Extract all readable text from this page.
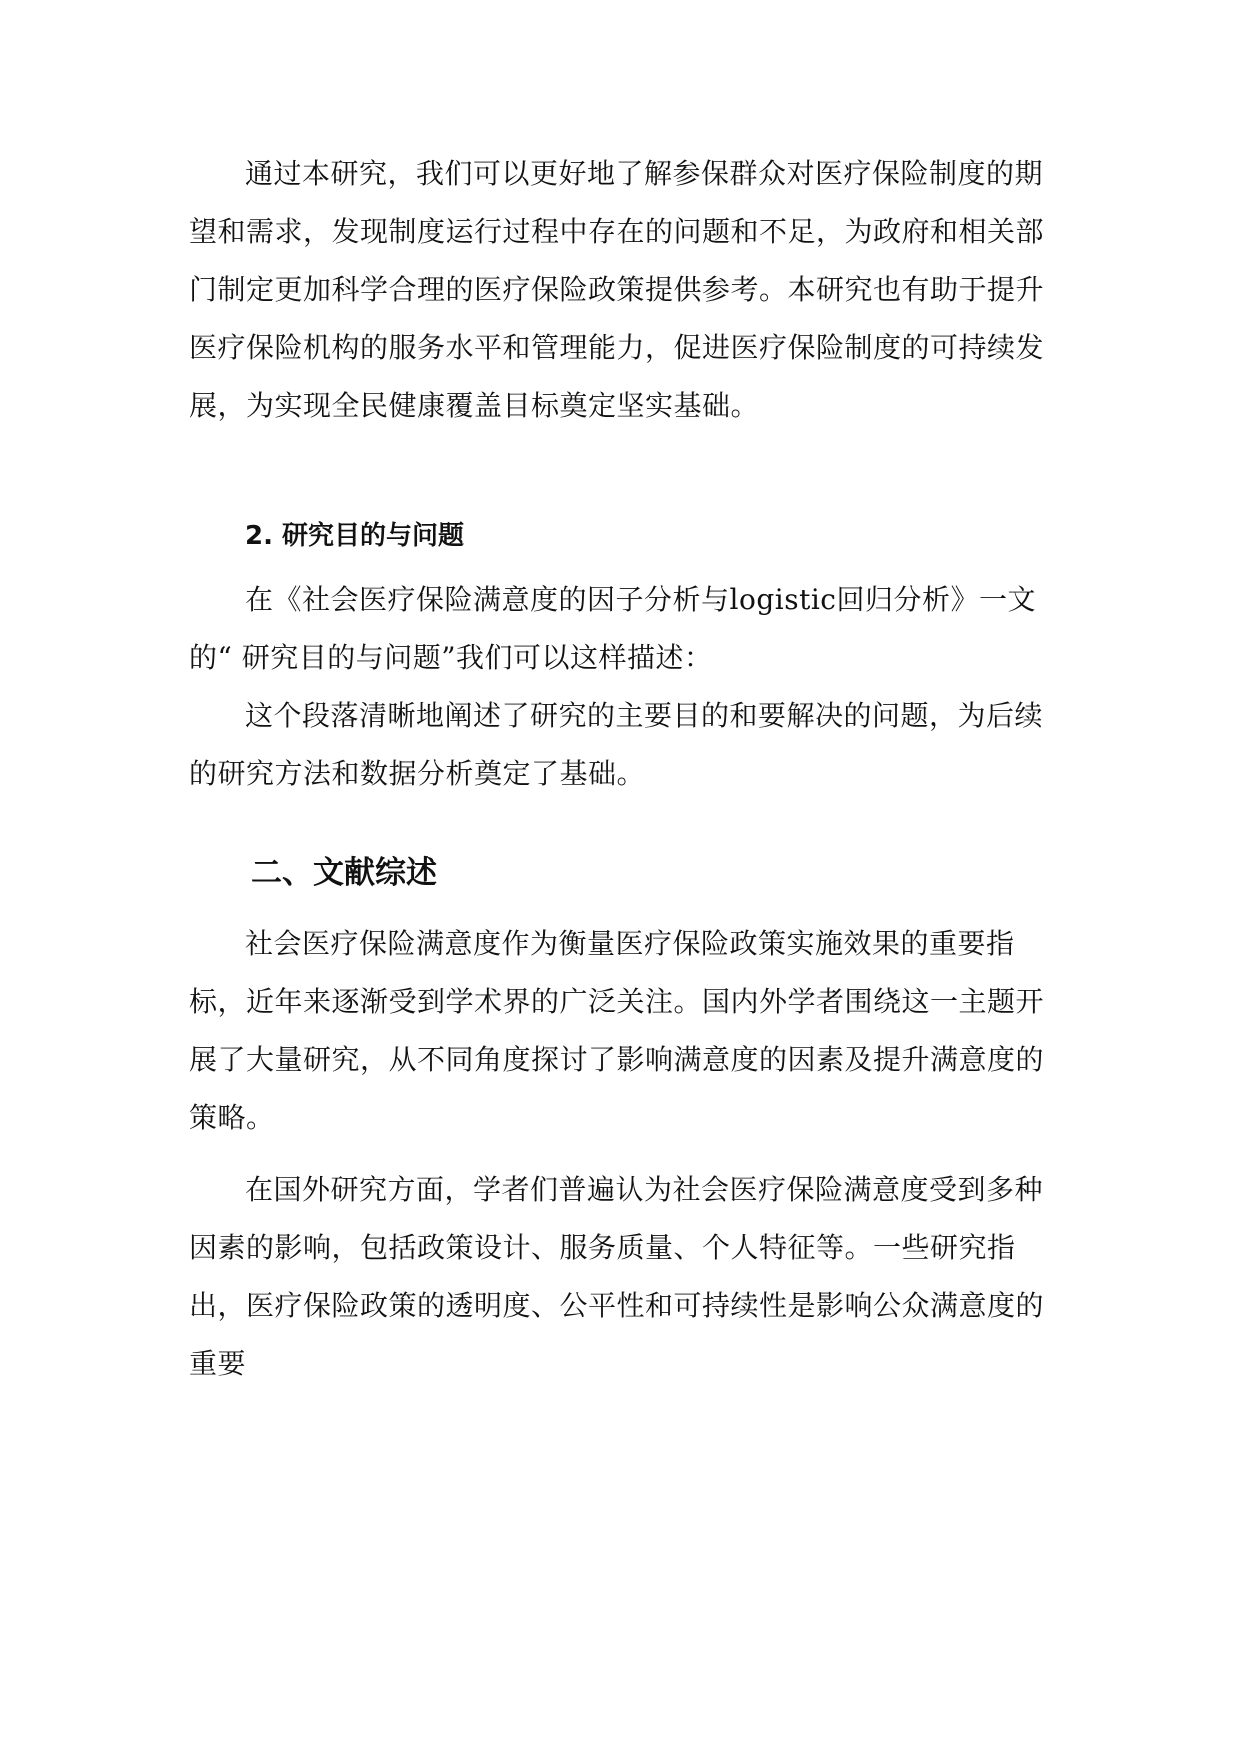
通过本研究，我们可以更好地了解参保群众对医疗保险制度的期望和需求，发现制度运行过程中存在的问题和不足，为政府和相关部门制定更加科学合理的医疗保险政策提供参考。本研究也有助于提升医疗保险机构的服务水平和管理能力，促进医疗保险制度的可持续发展，为实现全民健康覆盖目标奠定坚实基础。

2. 研究目的与问题

在《社会医疗保险满意度的因子分析与logistic回归分析》一文的“ 研究目的与问题”我们可以这样描述：

这个段落清晰地阐述了研究的主要目的和要解决的问题，为后续的研究方法和数据分析奠定了基础。

二、文献综述

社会医疗保险满意度作为衡量医疗保险政策实施效果的重要指标，近年来逐渐受到学术界的广泛关注。国内外学者围绕这一主题开展了大量研究，从不同角度探讨了影响满意度的因素及提升满意度的策略。

在国外研究方面，学者们普遍认为社会医疗保险满意度受到多种因素的影响，包括政策设计、服务质量、个人特征等。一些研究指出，医疗保险政策的透明度、公平性和可持续性是影响公众满意度的重要
